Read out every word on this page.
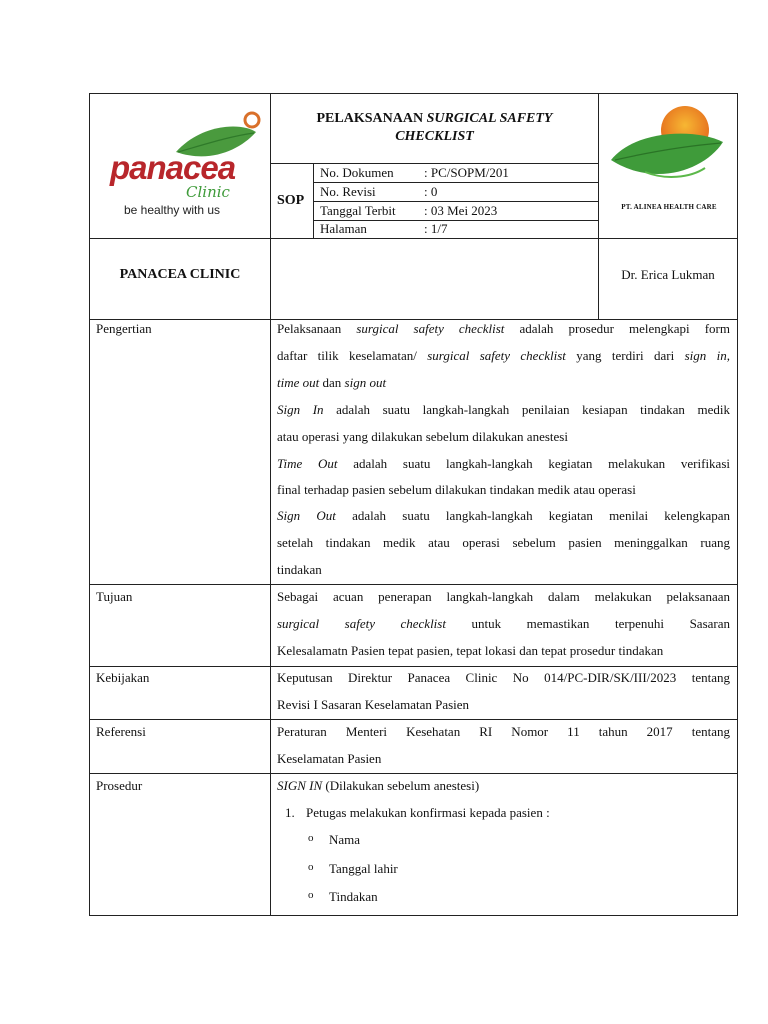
panacea
Clinic
be healthy with us
PELAKSANAAN SURGICAL SAFETY
CHECKLIST
SOP
No. Dokumen : PC/SOPM/201
No. Revisi	: 0
Tanggal Terbit : 03 Mei 2023
Halaman	: 1/7
PT. ALINEA HEALTH CARE
PANACEA CLINIC	Dr. Erica Lukman
Pengertian	Pelaksanaan surgical safety checklist adalah prosedur melengkapi form
daftar tilik keselamatan/ surgical safety checklist yang terdiri dari sign in,
time out dan sign out
Sign In adalah suatu langkah-langkah penilaian kesiapan tindakan medik
atau operasi yang dilakukan sebelum dilakukan anestesi
Time Out adalah suatu langkah-langkah kegiatan melakukan verifikasi
final terhadap pasien sebelum dilakukan tindakan medik atau operasi
Sign Out adalah suatu langkah-langkah kegiatan menilai kelengkapan
setelah tindakan medik atau operasi sebelum pasien meninggalkan ruang
tindakan
Tujuan	Sebagai acuan penerapan langkah-langkah dalam melakukan pelaksanaan
surgical safety checklist untuk memastikan terpenuhi Sasaran
Kelesalamatn Pasien tepat pasien, tepat lokasi dan tepat prosedur tindakan
Kebijakan	Keputusan Direktur Panacea Clinic No 014/PC-DIR/SK/III/2023 tentang
Revisi I Sasaran Keselamatan Pasien
Referensi	Peraturan Menteri Kesehatan RI Nomor 11 tahun 2017 tentang
Keselamatan Pasien
Prosedur	SIGN IN (Dilakukan sebelum anestesi)
1. Petugas melakukan konfirmasi kepada pasien :
o Nama
o Tanggal lahir
o Tindakan
